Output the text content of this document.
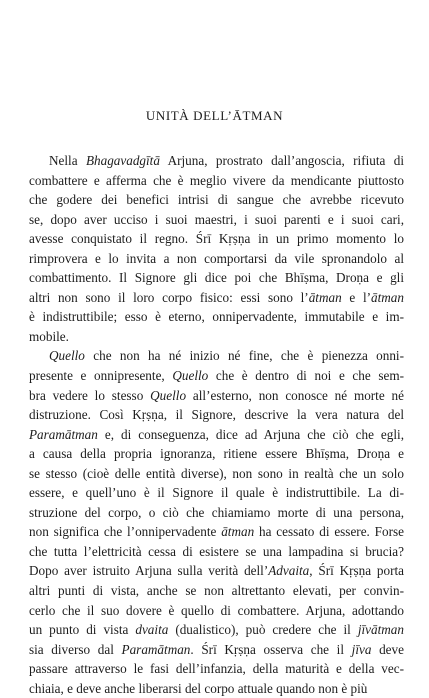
UNITÀ DELL’ĀTMAN
Nella Bhagavadgītā Arjuna, prostrato dall’angoscia, rifiuta di
combattere e afferma che è meglio vivere da mendicante piuttosto
che godere dei benefici intrisi di sangue che avrebbe ricevuto
se, dopo aver ucciso i suoi maestri, i suoi parenti e i suoi cari,
avesse conquistato il regno. Śrī Kṛṣṇa in un primo momento lo
rimprovera e lo invita a non comportarsi da vile spronandolo al
combattimento. Il Signore gli dice poi che Bhīṣma, Droṇa e gli
altri non sono il loro corpo fisico: essi sono l’ātman e l’ātman
è indistruttibile; esso è eterno, onnipervadente, immutabile e im-
mobile.
Quello che non ha né inizio né fine, che è pienezza onni-
presente e onnipresente, Quello che è dentro di noi e che sem-
bra vedere lo stesso Quello all’esterno, non conosce né morte né
distruzione. Così Kṛṣṇa, il Signore, descrive la vera natura del
Paramātman e, di conseguenza, dice ad Arjuna che ciò che egli,
a causa della propria ignoranza, ritiene essere Bhīṣma, Droṇa e
se stesso (cioè delle entità diverse), non sono in realtà che un solo
essere, e quell’uno è il Signore il quale è indistruttibile. La di-
struzione del corpo, o ciò che chiamiamo morte di una persona,
non significa che l’onnipervadente ātman ha cessato di essere. Forse
che tutta l’elettricità cessa di esistere se una lampadina si brucia?
Dopo aver istruito Arjuna sulla verità dell’Advaita, Śrī Kṛṣṇa porta
altri punti di vista, anche se non altrettanto elevati, per convin-
cerlo che il suo dovere è quello di combattere. Arjuna, adottando
un punto di vista dvaita (dualistico), può credere che il jīvātman
sia diverso dal Paramātman. Śrī Kṛṣṇa osserva che il jīva deve
passare attraverso le fasi dell’infanzia, della maturità e della vec-
chiaia, e deve anche liberarsi del corpo attuale quando non è più
